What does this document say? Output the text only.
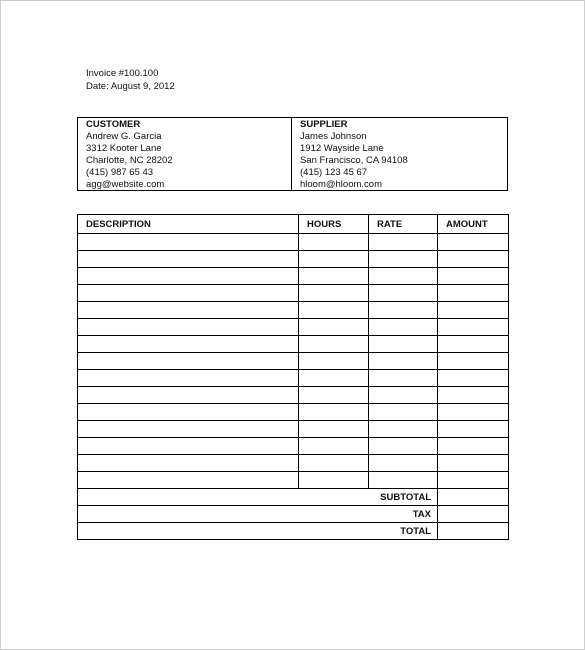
Invoice #100.100
Date: August 9, 2012
CUSTOMER
Andrew G. Garcia
3312 Kooter Lane
Charlotte, NC 28202
(415) 987 65 43
agg@website.com
SUPPLIER
James Johnson
1912 Wayside Lane
San Francisco, CA 94108
(415) 123 45 67
hloom@hloom.com
DESCRIPTION	HOURS	RATE	AMOUNT

SUBTOTAL			
TAX			
TOTAL			
